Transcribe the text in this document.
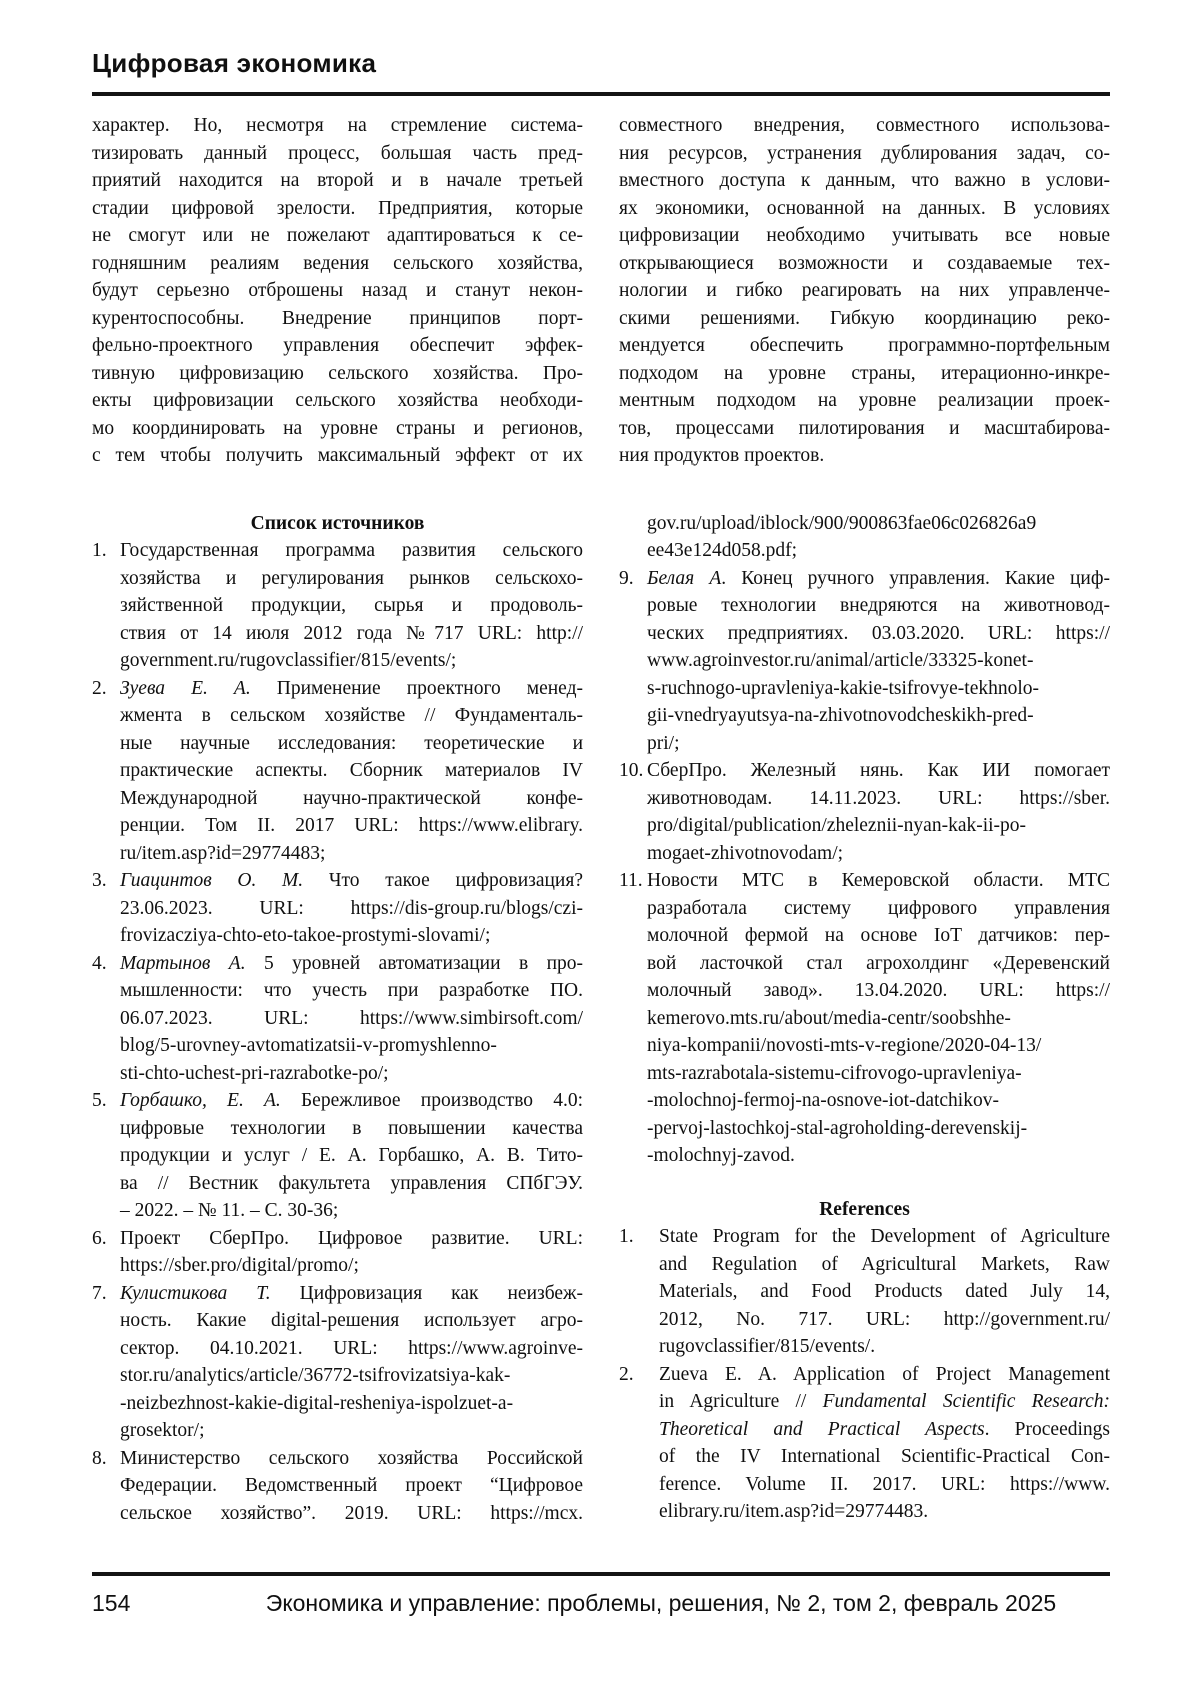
Цифровая экономика
характер. Но, несмотря на стремление система-
тизировать данный процесс, большая часть пред-
приятий находится на второй и в начале третьей
стадии цифровой зрелости. Предприятия, которые
не смогут или не пожелают адаптироваться к се-
годняшним реалиям ведения сельского хозяйства,
будут серьезно отброшены назад и станут некон-
курентоспособны. Внедрение принципов порт-
фельно-проектного управления обеспечит эффек-
тивную цифровизацию сельского хозяйства. Про-
екты цифровизации сельского хозяйства необходи-
мо координировать на уровне страны и регионов,
с тем чтобы получить максимальный эффект от их
Список источников
1. Государственная программа развития сельского
хозяйства и регулирования рынков сельскохо-
зяйственной продукции, сырья и продоволь-
ствия от 14 июля 2012 года №717 URL: http://
government.ru/rugovclassifier/815/events/;
2. Зуева Е. А. Применение проектного менед-
жмента в сельском хозяйстве // Фундаменталь-
ные научные исследования: теоретические и
практические аспекты. Сборник материалов IV
Международной научно-практической конфе-
ренции. Том II. 2017 URL: https://www.elibrary.
ru/item.asp?id=29774483;
3. Гиацинтов О. М. Что такое цифровизация?
23.06.2023. URL: https://dis-group.ru/blogs/czi-
frovizacziya-chto-eto-takoe-prostymi-slovami/;
4. Мартынов А. 5 уровней автоматизации в про-
мышленности: что учесть при разработке ПО.
06.07.2023. URL: https://www.simbirsoft.com/
blog/5-urovney-avtomatizatsii-v-promyshlenno-
sti-chto-uchest-pri-razrabotke-po/;
5. Горбашко, Е. А. Бережливое производство 4.0:
цифровые технологии в повышении качества
продукции и услуг / Е. А. Горбашко, А. В. Тито-
ва // Вестник факультета управления СПбГЭУ.
– 2022. – № 11. – С. 30-36;
6. Проект СберПро. Цифровое развитие. URL:
https://sber.pro/digital/promo/;
7. Кулистикова Т. Цифровизация как неизбеж-
ность. Какие digital-решения использует агро-
сектор. 04.10.2021. URL: https://www.agroinve-
stor.ru/analytics/article/36772-tsifrovizatsiya-kak-
-neizbezhnost-kakie-digital-resheniya-ispolzuet-a-
grosektor/;
8. Министерство сельского хозяйства Российской
Федерации. Ведомственный проект “Цифровое
сельское хозяйство”. 2019. URL: https://mcx.
совместного внедрения, совместного использова-
ния ресурсов, устранения дублирования задач, со-
вместного доступа к данным, что важно в услови-
ях экономики, основанной на данных. В условиях
цифровизации необходимо учитывать все новые
открывающиеся возможности и создаваемые тех-
нологии и гибко реагировать на них управленче-
скими решениями. Гибкую координацию реко-
мендуется обеспечить программно-портфельным
подходом на уровне страны, итерационно-инкре-
ментным подходом на уровне реализации проек-
тов, процессами пилотирования и масштабирова-
ния продуктов проектов.
gov.ru/upload/iblock/900/900863fae06c026826a9
ee43e124d058.pdf;
9. Белая А. Конец ручного управления. Какие циф-
ровые технологии внедряются на животновод-
ческих предприятиях. 03.03.2020. URL: https://
www.agroinvestor.ru/animal/article/33325-konet-
s-ruchnogo-upravleniya-kakie-tsifrovye-tekhnolo-
gii-vnedryayutsya-na-zhivotnovodcheskikh-pred-
pri/;
10. СберПро. Железный нянь. Как ИИ помогает
животноводам. 14.11.2023. URL: https://sber.
pro/digital/publication/zheleznii-nyan-kak-ii-po-
mogaet-zhivotnovodam/;
11. Новости МТС в Кемеровской области. МТС
разработала систему цифрового управления
молочной фермой на основе IoT датчиков: пер-
вой ласточкой стал агрохолдинг «Деревенский
молочный завод». 13.04.2020. URL: https://
kemerovo.mts.ru/about/media-centr/soobshhe-
niya-kompanii/novosti-mts-v-regione/2020-04-13/
mts-razrabotala-sistemu-cifrovogo-upravleniya-
-molochnoj-fermoj-na-osnove-iot-datchikov-
-pervoj-lastochkoj-stal-agroholding-derevenskij-
-molochnyj-zavod.
References
1. State Program for the Development of Agriculture
and Regulation of Agricultural Markets, Raw
Materials, and Food Products dated July 14,
2012, No. 717. URL: http://government.ru/
rugovclassifier/815/events/.
2. Zueva E. A. Application of Project Management
in Agriculture // Fundamental Scientific Research:
Theoretical and Practical Aspects. Proceedings
of the IV International Scientific-Practical Con-
ference. Volume II. 2017. URL: https://www.
elibrary.ru/item.asp?id=29774483.
154	Экономика и управление: проблемы, решения, № 2, том 2, февраль 2025
